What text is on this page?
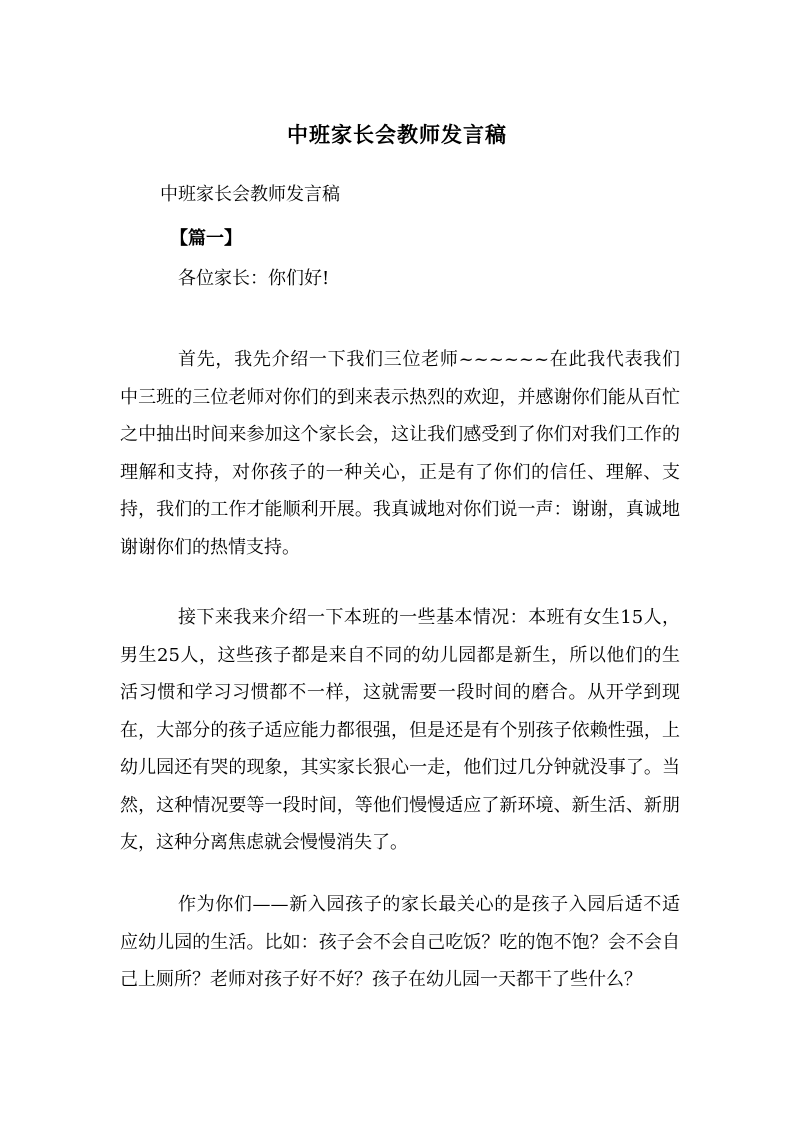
中班家长会教师发言稿
中班家长会教师发言稿
【篇一】
各位家长：你们好!

首先，我先介绍一下我们三位老师~~~~~~在此我代表我们中三班的三位老师对你们的到来表示热烈的欢迎，并感谢你们能从百忙之中抽出时间来参加这个家长会，这让我们感受到了你们对我们工作的理解和支持，对你孩子的一种关心，正是有了你们的信任、理解、支持，我们的工作才能顺利开展。我真诚地对你们说一声：谢谢，真诚地谢谢你们的热情支持。

接下来我来介绍一下本班的一些基本情况：本班有女生15人，男生25人，这些孩子都是来自不同的幼儿园都是新生，所以他们的生活习惯和学习习惯都不一样，这就需要一段时间的磨合。从开学到现在，大部分的孩子适应能力都很强，但是还是有个别孩子依赖性强，上幼儿园还有哭的现象，其实家长狠心一走，他们过几分钟就没事了。当然，这种情况要等一段时间，等他们慢慢适应了新环境、新生活、新朋友，这种分离焦虑就会慢慢消失了。

作为你们——新入园孩子的家长最关心的是孩子入园后适不适应幼儿园的生活。比如：孩子会不会自己吃饭？吃的饱不饱？会不会自己上厕所？老师对孩子好不好？孩子在幼儿园一天都干了些什么？
